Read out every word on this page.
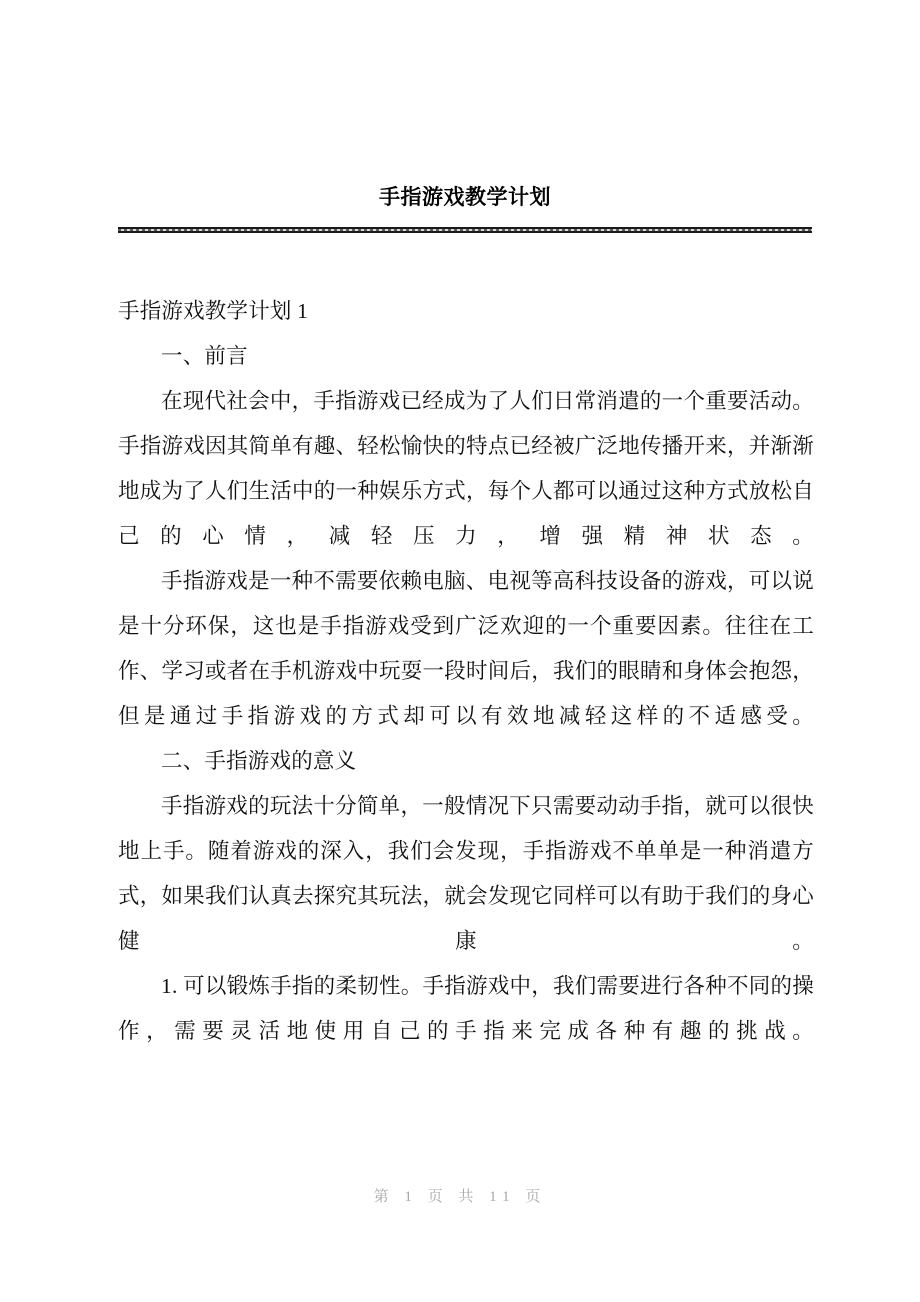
手指游戏教学计划

手指游戏教学计划 1

一、前言

在现代社会中，手指游戏已经成为了人们日常消遣的一个重要活动。手指游戏因其简单有趣、轻松愉快的特点已经被广泛地传播开来，并渐渐地成为了人们生活中的一种娱乐方式，每个人都可以通过这种方式放松自己的心情，减轻压力，增强精神状态。

手指游戏是一种不需要依赖电脑、电视等高科技设备的游戏，可以说是十分环保，这也是手指游戏受到广泛欢迎的一个重要因素。往往在工作、学习或者在手机游戏中玩耍一段时间后，我们的眼睛和身体会抱怨，但是通过手指游戏的方式却可以有效地减轻这样的不适感受。

二、手指游戏的意义

手指游戏的玩法十分简单，一般情况下只需要动动手指，就可以很快地上手。随着游戏的深入，我们会发现，手指游戏不单单是一种消遣方式，如果我们认真去探究其玩法，就会发现它同样可以有助于我们的身心健康。

1. 可以锻炼手指的柔韧性。手指游戏中，我们需要进行各种不同的操作，需要灵活地使用自己的手指来完成各种有趣的挑战。

第 1 页 共 11 页
